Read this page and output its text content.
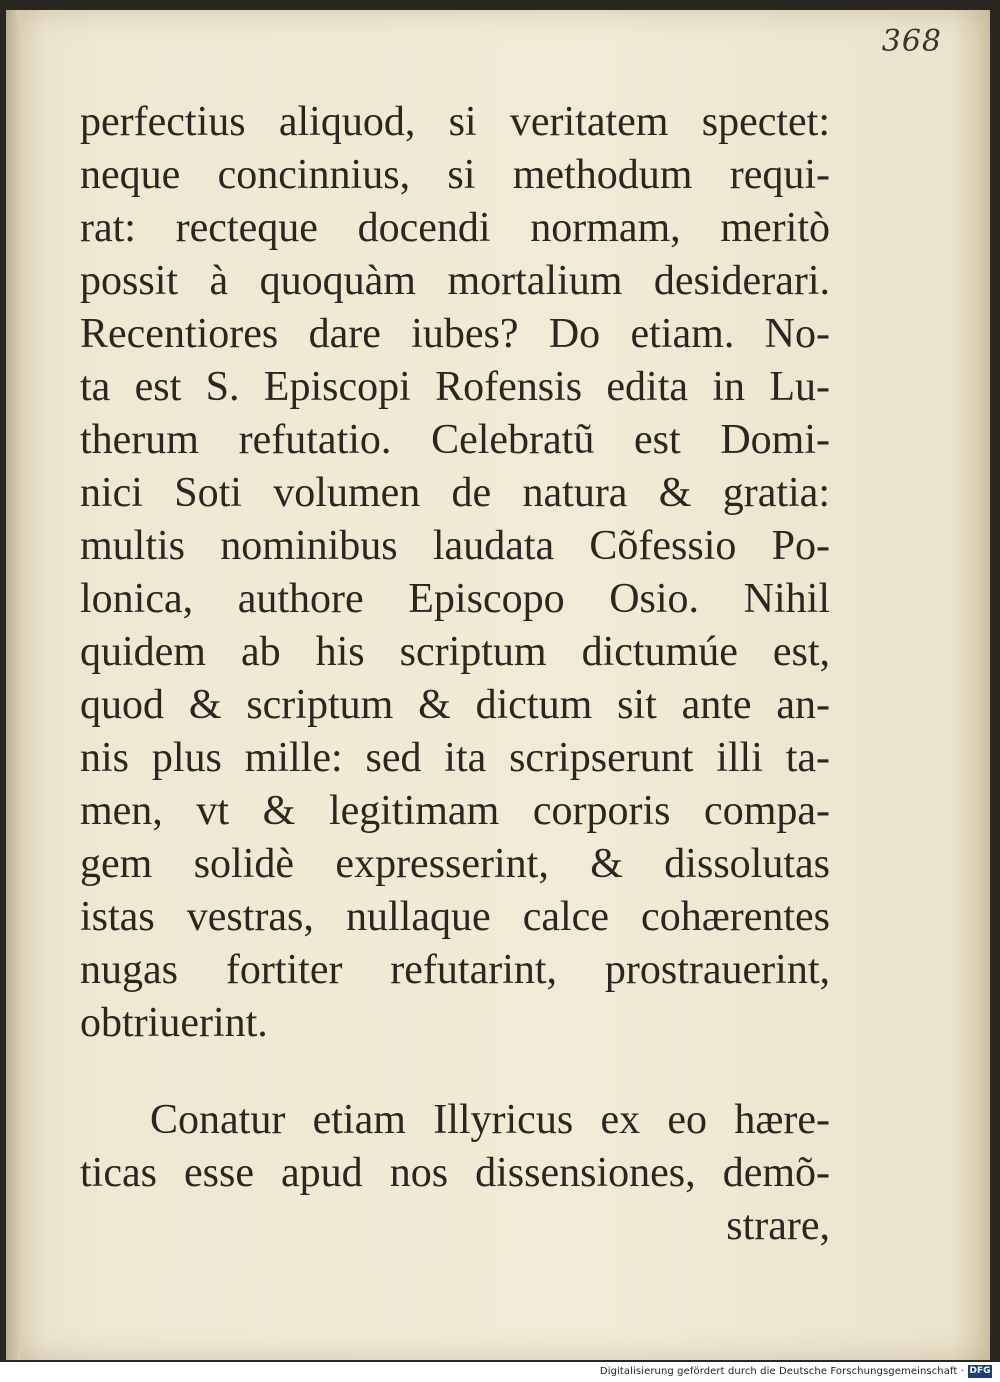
368
perfectius aliquod, si veritatem spectet:
neque concinnius, si methodum requi-
rat: recteque docendi normam, meritò
possit à quoquàm mortalium desiderari.
Recentiores dare iubes? Do etiam. No-
ta est S. Episcopi Rofensis edita in Lu-
therum refutatio. Celebratũ est Domi-
nici Soti volumen de natura & gratia:
multis nominibus laudata Cõfessio Po-
lonica, authore Episcopo Osio. Nihil
quidem ab his scriptum dictumúe est,
quod & scriptum & dictum sit ante an-
nis plus mille: sed ita scripserunt illi ta-
men, vt & legitimam corporis compa-
gem solidè expresserint, & dissolutas
istas vestras, nullaque calce cohærentes
nugas fortiter refutarint, prostrauerint,
obtriuerint.
Conatur etiam Illyricus ex eo hære-
ticas esse apud nos dissensiones, demõ-
strare,
Digitalisierung gefördert durch die Deutsche Forschungsgemeinschaft · DFG
